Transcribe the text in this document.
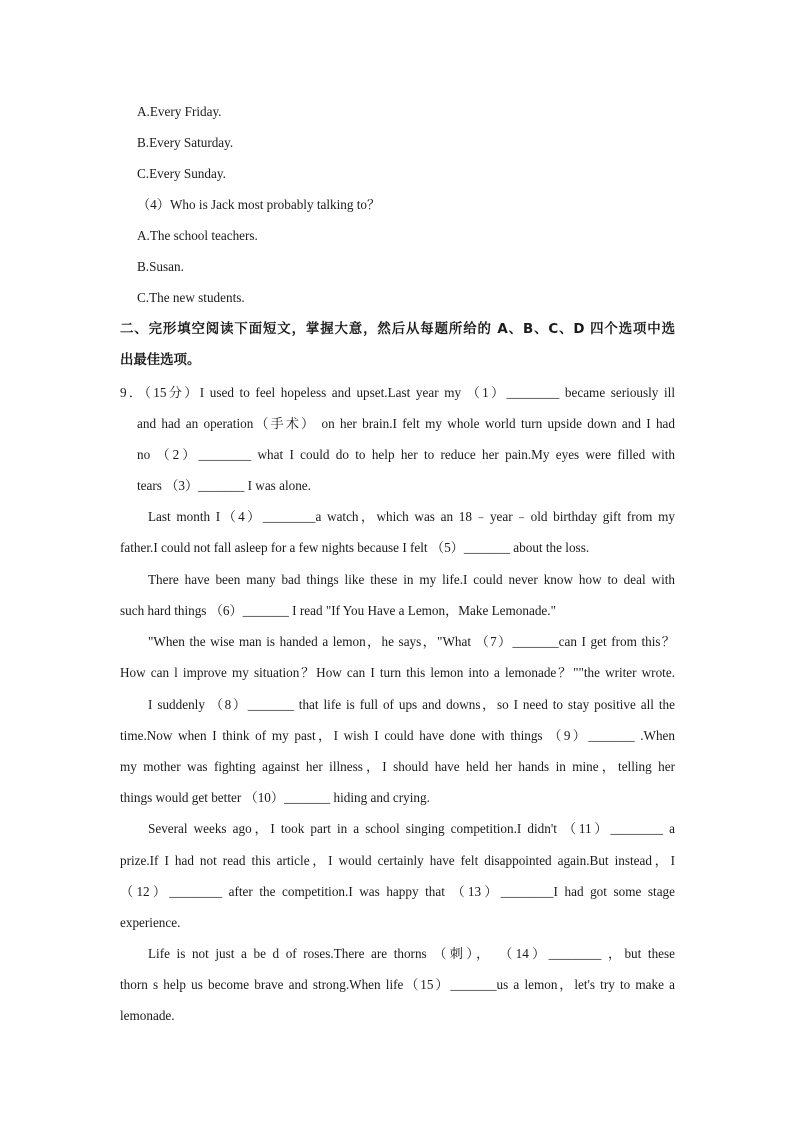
A.Every Friday.
B.Every Saturday.
C.Every Sunday.
（4）Who is Jack most probably talking to？
A.The school teachers.
B.Susan.
C.The new students.
二、完形填空阅读下面短文，掌握大意，然后从每题所给的 A、B、C、D 四个选项中选
出最佳选项。
9．（15分）I used to feel hopeless and upset.Last year my （1）________ became seriously ill
and had an operation（手术） on her brain.I felt my whole world turn upside down and I had
no （2）________ what I could do to help her to reduce her pain.My eyes were filled with
tears （3）_______ I was alone.
Last month I（4）________a watch，which was an 18﹣year﹣old birthday gift from my
father.I could not fall asleep for a few nights because I felt （5）_______ about the loss.
There have been many bad things like these in my life.I could never know how to deal with
such hard things （6）_______ I read "If You Have a Lemon，Make Lemonade."
"When the wise man is handed a lemon，he says，"What （7）_______can I get from this？
How can l improve my situation？How can I turn this lemon into a lemonade？""the writer wrote.
I suddenly （8）_______ that life is full of ups and downs，so I need to stay positive all the
time.Now when I think of my past，I wish I could have done with things （9）_______ .When
my mother was fighting against her illness，I should have held her hands in mine，telling her
things would get better （10）_______ hiding and crying.
Several weeks ago，I took part in a school singing competition.I didn't （11）________ a
prize.If I had not read this article，I would certainly have felt disappointed again.But instead，I
（12）________ after the competition.I was happy that （13）________I had got some stage
experience.
Life is not just a be d of roses.There are thorns （刺）， （14）________ ，but these
thorn s help us become brave and strong.When life（15）_______us a lemon，let's try to make a
lemonade.
